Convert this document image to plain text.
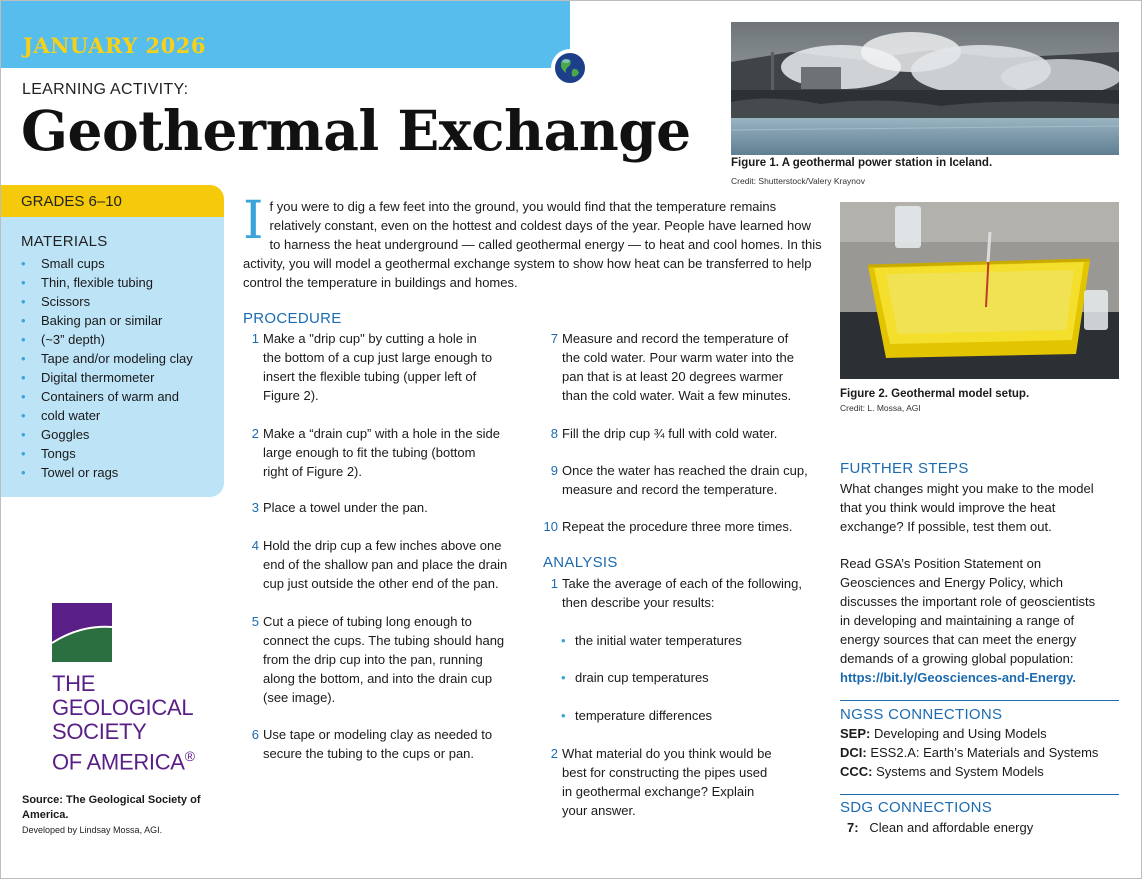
JANUARY 2026
LEARNING ACTIVITY:
Geothermal Exchange	Figure 1. A geothermal power station in Iceland.
Credit: Shutterstock/Valery Kraynov
Figure 2. Geothermal model setup.
Credit: L. Mossa, AGI
GRADES 6–10
MATERIALS
• Small cups
• Thin, flexible tubing
• Scissors
• Baking pan or similar
• (~3” depth)
• Tape and/or modeling clay
• Digital thermometer
• Containers of warm and
• cold water
• Goggles
• Tongs
• Towel or rags
THE
GEOLOGICAL
SOCIETY
OF AMERICA®
Source: The Geological Society of America.
Developed by Lindsay Mossa, AGI.
I f you were to dig a few feet into the ground, you would find that the temperature remains relatively constant, even on the hottest and coldest days of the year. People have learned how to harness the heat underground — called geothermal energy — to heat and cool homes. In this activity, you will model a geothermal exchange system to show how heat can be transferred to help control the temperature in buildings and homes.
PROCEDURE
1 Make a "drip cup" by cutting a hole in
the bottom of a cup just large enough to
insert the flexible tubing (upper left of
Figure 2).
2 Make a “drain cup” with a hole in the side
large enough to fit the tubing (bottom
right of Figure 2).
3 Place a towel under the pan.
4 Hold the drip cup a few inches above one
end of the shallow pan and place the drain
cup just outside the other end of the pan.
5 Cut a piece of tubing long enough to
connect the cups. The tubing should hang
from the drip cup into the pan, running
along the bottom, and into the drain cup
(see image).
6 Use tape or modeling clay as needed to
secure the tubing to the cups or pan.
7 Measure and record the temperature of
the cold water. Pour warm water into the
pan that is at least 20 degrees warmer
than the cold water. Wait a few minutes.
8 Fill the drip cup ¾ full with cold water.
9 Once the water has reached the drain cup,
measure and record the temperature.
10 Repeat the procedure three more times.
ANALYSIS
1 Take the average of each of the following,
then describe your results:
• the initial water temperatures
• drain cup temperatures
• temperature differences
2 What material do you think would be
best for constructing the pipes used
in geothermal exchange? Explain
your answer.
FURTHER STEPS
What changes might you make to the model
that you think would improve the heat
exchange? If possible, test them out.
Read GSA’s Position Statement on
Geosciences and Energy Policy, which
discusses the important role of geoscientists
in developing and maintaining a range of
energy sources that can meet the energy
demands of a growing global population:
https://bit.ly/Geosciences-and-Energy.
NGSS CONNECTIONS
SEP: Developing and Using Models
DCI: ESS2.A: Earth’s Materials and Systems
CCC: Systems and System Models
SDG CONNECTIONS
7: Clean and affordable energy
